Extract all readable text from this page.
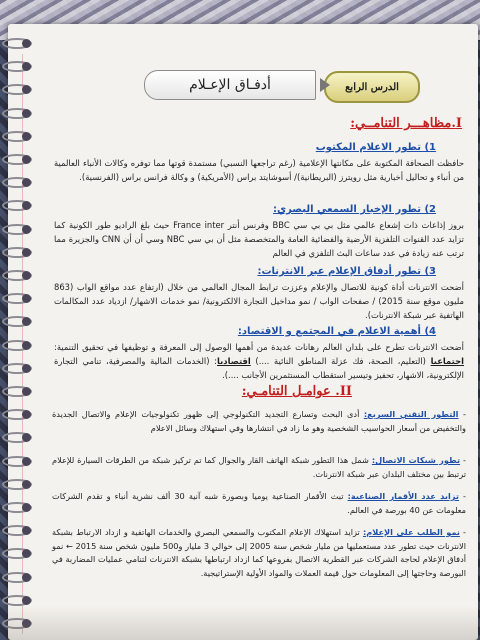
الدرس الرابع
أدفـاق الإعـلام
I.مظاهـــر التنامــي:
1) تطور الاعلام المكتوب
حافظت الصحافة المكتوبة على مكانتها الإعلامية (رغم تراجعها النسبي) مستمدة قوتها مما توفره وكالات الأنباء العالمية من أنباء و تحاليل أخبارية مثل رويترز (البريطانية)/ أسوشايتد براس (الأمريكية) و وكالة فرانس براس (الفرنسية).
2) تطور الإخبار السمعي البصري:
بروز إذاعات ذات إشعاع عالمي مثل بي بي سي BBC وفرنس أنتر France inter حيث بلغ الراديو طور الكونية كما تزايد عدد القنوات التلفزية الأرضية والفضائية العامة والمتخصصة مثل أن بي سي NBC وسي أن أن CNN والجزيرة مما ترتب عنه زيادة في عدد ساعات البث التلفزي في العالم
3) تطور أدفاق الإعلام عبر الانترنات:
أضحت الانترنات أداة كونية للاتصال والإعلام وعززت ترابط المجال العالمي من خلال (ارتفاع عدد مواقع الواب (863 مليون موقع سنة 2015) / صفحات الواب / نمو مداخيل التجارة الالكترونية/ نمو خدمات الاشهار/ ازدياد عدد المكالمات الهاتفية عبر شبكة الانترنات).
4) أهمية الاعلام في المجتمع و الاقتصاد:
أضحت الانترنات تطرح على بلدان العالم رهانات عديدة من أهمها الوصول إلى المعرفة و توظيفها في تحقيق التنمية: اجتماعيا (التعليم، الصحة، فك عزلة المناطق النائية ....) اقتصاديا: (الخدمات المالية والمصرفية، تنامي التجارة الإلكترونية، الاشهار، تحفيز وتيسير استقطاب المستثمرين الأجانب ....).
II. عوامـل التنامـي:
- التطور التقني السريع: أدى البحث وتسارع التجديد التكنولوجي إلى ظهور تكنولوجيات الإعلام والاتصال الجديدة والتخفيض من أسعار الحواسيب الشخصية وهو ما زاد في انتشارها وفي استهلاك وسائل الاعلام
- تطور شبكات الاتصال: شمل هذا التطور شبكة الهاتف القار والجوال كما تم تركيز شبكة من الطرقات السيارة للإعلام ترتبط بين مختلف البلدان عبر شبكة الانترنات.
- تزايد عدد الأقمار الصناعية: تبث الأقمار الصناعية يوميا وبصورة شبه آنية 30 ألف نشرية أنباء و تقدم الشركات معلومات عن 40 بورصة في العالم.
- نمو الطلب على الإعلام: تزايد استهلاك الإعلام المكتوب والسمعي البصري والخدمات الهاتفية و ازداد الارتباط بشبكة الانترنات حيث تطور عدد مستعمليها من مليار شخص سنة 2005 إلى حوالي 3 مليار و500 مليون شخص سنة 2015 ← نمو أدفاق الإعلام لحاجة الشركات عبر القطرية الاتصال بفروعها كما ازداد ارتباطها بشبكة الانترنات لتنامي عمليات المضاربة في البورصة وحاجتها إلى المعلومات حول قيمة العملات والمواد الأولية الإستراتيجية.
